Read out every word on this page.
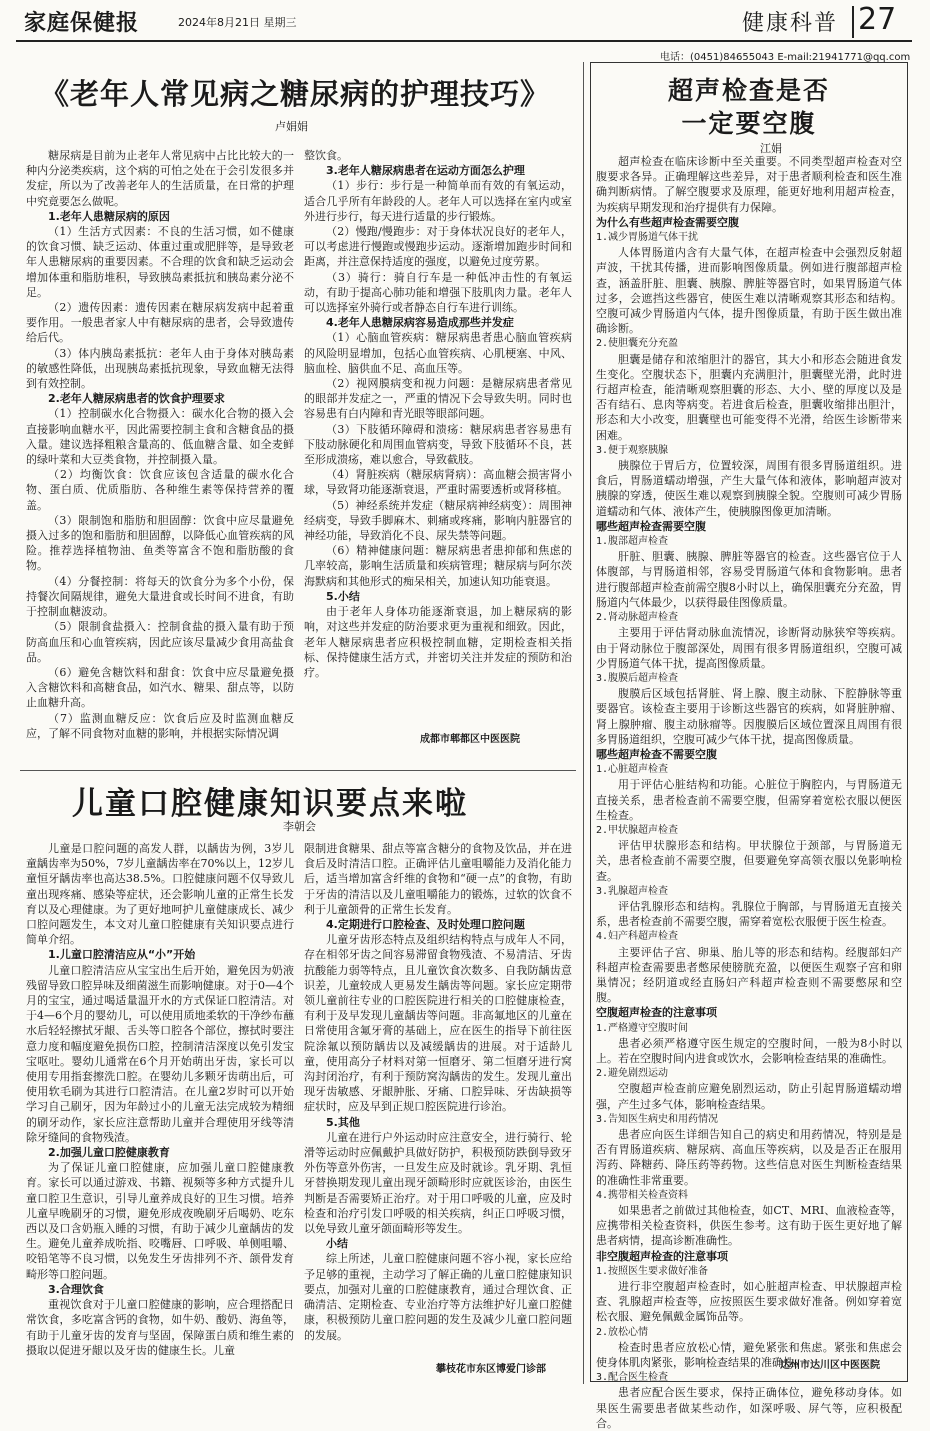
家庭保健报	2024年8月21日 星期三	健康科普 27
电话：(0451)84655043 E-mail:21941771@qq.com
《老年人常见病之糖尿病的护理技巧》
卢娟娟

糖尿病是目前为止老年人常见病中占比比较大的一种内分泌类疾病，这个病的可怕之处在于会引发很多并发症，所以为了改善老年人的生活质量，在日常的护理中究竟要怎么做呢。

1.老年人患糖尿病的原因

（1）生活方式因素：不良的生活习惯，如不健康的饮食习惯、缺乏运动、体重过重或肥胖等，是导致老年人患糖尿病的重要因素。不合理的饮食和缺乏运动会增加体重和脂肪堆积，导致胰岛素抵抗和胰岛素分泌不足。

（2）遗传因素：遗传因素在糖尿病发病中起着重要作用。一般患者家人中有糖尿病的患者，会导致遗传给后代。

（3）体内胰岛素抵抗：老年人由于身体对胰岛素的敏感性降低，出现胰岛素抵抗现象，导致血糖无法得到有效控制。

2.老年人糖尿病患者的饮食护理要求

（1）控制碳水化合物摄入：碳水化合物的摄入会直接影响血糖水平，因此需要控制主食和含糖食品的摄入量。建议选择粗粮含量高的、低血糖含量、如全麦鲜的绿叶菜和大豆类食物，并控制摄入量。

（2）均衡饮食：饮食应该包含适量的碳水化合物、蛋白质、优质脂肪、各种维生素等保持营养的覆盖。

（3）限制饱和脂肪和胆固醇：饮食中应尽量避免摄入过多的饱和脂肪和胆固醇，以降低心血管疾病的风险。推荐选择植物油、鱼类等富含不饱和脂肪酸的食物。

（4）分餐控制：将每天的饮食分为多个小份，保持餐次间隔规律，避免大量进食或长时间不进食，有助于控制血糖波动。

（5）限制食盐摄入：控制食盐的摄入量有助于预防高血压和心血管疾病，因此应该尽量减少食用高盐食品。

（6）避免含糖饮料和甜食：饮食中应尽量避免摄入含糖饮料和高糖食品，如汽水、糖果、甜点等，以防止血糖升高。

（7）监测血糖反应：饮食后应及时监测血糖反应，了解不同食物对血糖的影响，并根据实际情况调

整饮食。

3.老年人糖尿病患者在运动方面怎么护理

（1）步行：步行是一种简单而有效的有氧运动，适合几乎所有年龄段的人。老年人可以选择在室内或室外进行步行，每天进行适量的步行锻炼。

（2）慢跑/慢跑步：对于身体状况良好的老年人，可以考虑进行慢跑或慢跑步运动。逐渐增加跑步时间和距离，并注意保持适度的强度，以避免过度劳累。

（3）骑行：骑自行车是一种低冲击性的有氧运动，有助于提高心肺功能和增强下肢肌肉力量。老年人可以选择室外骑行或者静态自行车进行训练。

4.老年人患糖尿病容易造成那些并发症

（1）心脑血管疾病：糖尿病患者患心脑血管疾病的风险明显增加，包括心血管疾病、心肌梗塞、中风、脑血栓、脑供血不足、高血压等。

（2）视网膜病变和视力问题：是糖尿病患者常见的眼部并发症之一，严重的情况下会导致失明。同时也容易患有白内障和青光眼等眼部问题。

（3）下肢循环障碍和溃疡：糖尿病患者容易患有下肢动脉硬化和周围血管病变，导致下肢循环不良，甚至形成溃疡，难以愈合，导致截肢。

（4）肾脏疾病（糖尿病肾病）：高血糖会损害肾小球，导致肾功能逐渐衰退，严重时需要透析或肾移植。

（5）神经系统并发症（糖尿病神经病变）：周围神经病变，导致手脚麻木、刺痛或疼痛，影响内脏器官的神经功能，导致消化不良、尿失禁等问题。

（6）精神健康问题：糖尿病患者患抑郁和焦虑的几率较高，影响生活质量和疾病管理；糖尿病与阿尔茨海默病和其他形式的痴呆相关，加速认知功能衰退。

5.小结

由于老年人身体功能逐渐衰退，加上糖尿病的影响，对这些并发症的防治要求更为重视和细致。因此，老年人糖尿病患者应积极控制血糖，定期检查相关指标、保持健康生活方式，并密切关注并发症的预防和治疗。

成都市郫都区中医医院
儿童口腔健康知识要点来啦
李朝会

儿童是口腔问题的高发人群，以龋齿为例，3岁儿童龋齿率为50%，7岁儿童龋齿率在70%以上，12岁儿童恒牙龋齿率也高达38.5%。口腔健康问题不仅导致儿童出现疼痛、感染等症状，还会影响儿童的正常生长发育以及心理健康。为了更好地呵护儿童健康成长、减少口腔问题发生，本文对儿童口腔健康有关知识要点进行简单介绍。

1.儿童口腔清洁应从“小”开始

儿童口腔清洁应从宝宝出生后开始，避免因为奶液残留导致口腔异味及细菌滋生而影响健康。对于0—4个月的宝宝，通过喝适量温开水的方式保证口腔清洁。对于4—6个月的婴幼儿，可以使用质地柔软的干净纱布蘸水后轻轻擦拭牙龈、舌头等口腔各个部位，擦拭时要注意力度和幅度避免损伤口腔，控制清洁深度以免引发宝宝呕吐。婴幼儿通常在6个月开始萌出牙齿，家长可以使用专用指套擦洗口腔。在婴幼儿多颗牙齿萌出后，可使用软毛刷为其进行口腔清洁。在儿童2岁时可以开始学习自己刷牙，因为年龄过小的儿童无法完成较为精细的刷牙动作，家长应注意帮助儿童并合理使用牙线等清除牙缝间的食物残渣。

2.加强儿童口腔健康教育

为了保证儿童口腔健康，应加强儿童口腔健康教育。家长可以通过游戏、书籍、视频等多种方式提升儿童口腔卫生意识，引导儿童养成良好的卫生习惯。培养儿童早晚刷牙的习惯，避免形成夜晚刷牙后喝奶、吃东西以及口含奶瓶入睡的习惯，有助于减少儿童龋齿的发生。避免儿童养成吮指、咬嘴唇、口呼吸、单侧咀嚼、咬铅笔等不良习惯，以免发生牙齿排列不齐、颌骨发育畸形等口腔问题。

3.合理饮食

重视饮食对于儿童口腔健康的影响，应合理搭配日常饮食，多吃富含钙的食物，如牛奶、酸奶、海鱼等，有助于儿童牙齿的发育与坚固，保障蛋白质和维生素的摄取以促进牙龈以及牙齿的健康生长。儿童

限制进食糖果、甜点等富含糖分的食物及饮品，并在进食后及时清洁口腔。正确评估儿童咀嚼能力及消化能力后，适当增加富含纤维的食物和“硬一点”的食物，有助于牙齿的清洁以及儿童咀嚼能力的锻炼，过软的饮食不利于儿童颌骨的正常生长发育。

4.定期进行口腔检查、及时处理口腔问题

儿童牙齿形态特点及组织结构特点与成年人不同，存在相邻牙齿之间容易滞留食物残渣、不易清洁、牙齿抗酸能力弱等特点，且儿童饮食次数多、自我防龋齿意识差，儿童较成人更易发生龋齿等问题。家长应定期带领儿童前往专业的口腔医院进行相关的口腔健康检查，有利于及早发现儿童龋齿等问题。非高氟地区的儿童在日常使用含氟牙膏的基础上，应在医生的指导下前往医院涂氟以预防龋齿以及减缓龋齿的进展。对于适龄儿童，使用高分子材料对第一恒磨牙、第二恒磨牙进行窝沟封闭治疗，有利于预防窝沟龋齿的发生。发现儿童出现牙齿敏感、牙龈肿胀、牙痛、口腔异味、牙齿缺损等症状时，应及早到正规口腔医院进行诊治。

5.其他

儿童在进行户外运动时应注意安全，进行骑行、轮滑等运动时应佩戴护具做好防护，积极预防跌倒导致牙外伤等意外伤害，一旦发生应及时就诊。乳牙期、乳恒牙替换期发现儿童出现牙颌畸形时应就医诊治，由医生判断是否需要矫正治疗。对于用口呼吸的儿童，应及时检查和治疗引发口呼吸的相关疾病，纠正口呼吸习惯，以免导致儿童牙颌面畸形等发生。

小结

综上所述，儿童口腔健康问题不容小视，家长应给予足够的重视，主动学习了解正确的儿童口腔健康知识要点，加强对儿童的口腔健康教育，通过合理饮食、正确清洁、定期检查、专业治疗等方法维护好儿童口腔健康，积极预防儿童口腔问题的发生及减少儿童口腔问题的发展。

攀枝花市东区博爱门诊部
超声检查是否
一定要空腹
江娟

超声检查在临床诊断中至关重要。不同类型超声检查对空腹要求各异。正确理解这些差异，对于患者顺利检查和医生准确判断病情。了解空腹要求及原理，能更好地利用超声检查，为疾病早期发现和治疗提供有力保障。

为什么有些超声检查需要空腹

1.减少胃肠道气体干扰

人体胃肠道内含有大量气体，在超声检查中会强烈反射超声波，干扰其传播，进而影响图像质量。例如进行腹部超声检查，涵盖肝脏、胆囊、胰腺、脾脏等器官时，如果胃肠道气体过多，会遮挡这些器官，使医生难以清晰观察其形态和结构。空腹可减少胃肠道内气体，提升图像质量，有助于医生做出准确诊断。

2.使胆囊充分充盈

胆囊是储存和浓缩胆汁的器官，其大小和形态会随进食发生变化。空腹状态下，胆囊内充满胆汁，胆囊壁光滑，此时进行超声检查，能清晰观察胆囊的形态、大小、壁的厚度以及是否有结石、息肉等病变。若进食后检查，胆囊收缩排出胆汁，形态和大小改变，胆囊壁也可能变得不光滑，给医生诊断带来困难。

3.便于观察胰腺

胰腺位于胃后方，位置较深，周围有很多胃肠道组织。进食后，胃肠道蠕动增强，产生大量气体和液体，影响超声波对胰腺的穿透，使医生难以观察到胰腺全貌。空腹则可减少胃肠道蠕动和气体、液体产生，使胰腺图像更加清晰。

哪些超声检查需要空腹

1.腹部超声检查

肝脏、胆囊、胰腺、脾脏等器官的检查。这些器官位于人体腹部，与胃肠道相邻，容易受胃肠道气体和食物影响。患者进行腹部超声检查前需空腹8小时以上，确保胆囊充分充盈，胃肠道内气体最少，以获得最佳图像质量。

2.肾动脉超声检查

主要用于评估肾动脉血流情况，诊断肾动脉狭窄等疾病。由于肾动脉位于腹部深处，周围有很多胃肠道组织，空腹可减少胃肠道气体干扰，提高图像质量。

3.腹膜后超声检查

腹膜后区域包括肾脏、肾上腺、腹主动脉、下腔静脉等重要器官。该检查主要用于诊断这些器官的疾病，如肾脏肿瘤、肾上腺肿瘤、腹主动脉瘤等。因腹膜后区域位置深且周围有很多胃肠道组织，空腹可减少气体干扰，提高图像质量。

哪些超声检查不需要空腹

1.心脏超声检查

用于评估心脏结构和功能。心脏位于胸腔内，与胃肠道无直接关系，患者检查前不需要空腹，但需穿着宽松衣服以便医生检查。

2.甲状腺超声检查

评估甲状腺形态和结构。甲状腺位于颈部，与胃肠道无关，患者检查前不需要空腹，但要避免穿高领衣服以免影响检查。

3.乳腺超声检查

评估乳腺形态和结构。乳腺位于胸部，与胃肠道无直接关系，患者检查前不需要空腹，需穿着宽松衣服便于医生检查。

4.妇产科超声检查

主要评估子宫、卵巢、胎儿等的形态和结构。经腹部妇产科超声检查需要患者憋尿使膀胱充盈，以便医生观察子宫和卵巢情况；经阴道或经直肠妇产科超声检查则不需要憋尿和空腹。

空腹超声检查的注意事项

1.严格遵守空腹时间

患者必须严格遵守医生规定的空腹时间，一般为8小时以上。若在空腹时间内进食或饮水，会影响检查结果的准确性。

2.避免剧烈运动

空腹超声检查前应避免剧烈运动，防止引起胃肠道蠕动增强，产生过多气体，影响检查结果。

3.告知医生病史和用药情况

患者应向医生详细告知自己的病史和用药情况，特别是是否有胃肠道疾病、糖尿病、高血压等疾病，以及是否正在服用泻药、降糖药、降压药等药物。这些信息对医生判断检查结果的准确性非常重要。

4.携带相关检查资料

如果患者之前做过其他检查，如CT、MRI、血液检查等，应携带相关检查资料，供医生参考。这有助于医生更好地了解患者病情，提高诊断准确性。

非空腹超声检查的注意事项

1.按照医生要求做好准备

进行非空腹超声检查时，如心脏超声检查、甲状腺超声检查、乳腺超声检查等，应按照医生要求做好准备。例如穿着宽松衣服、避免佩戴金属饰品等。

2.放松心情

检查时患者应放松心情，避免紧张和焦虑。紧张和焦虑会使身体肌肉紧张，影响检查结果的准确性。

3.配合医生检查

患者应配合医生要求，保持正确体位，避免移动身体。如果医生需要患者做某些动作，如深呼吸、屏气等，应积极配合。

达州市达川区中医医院
